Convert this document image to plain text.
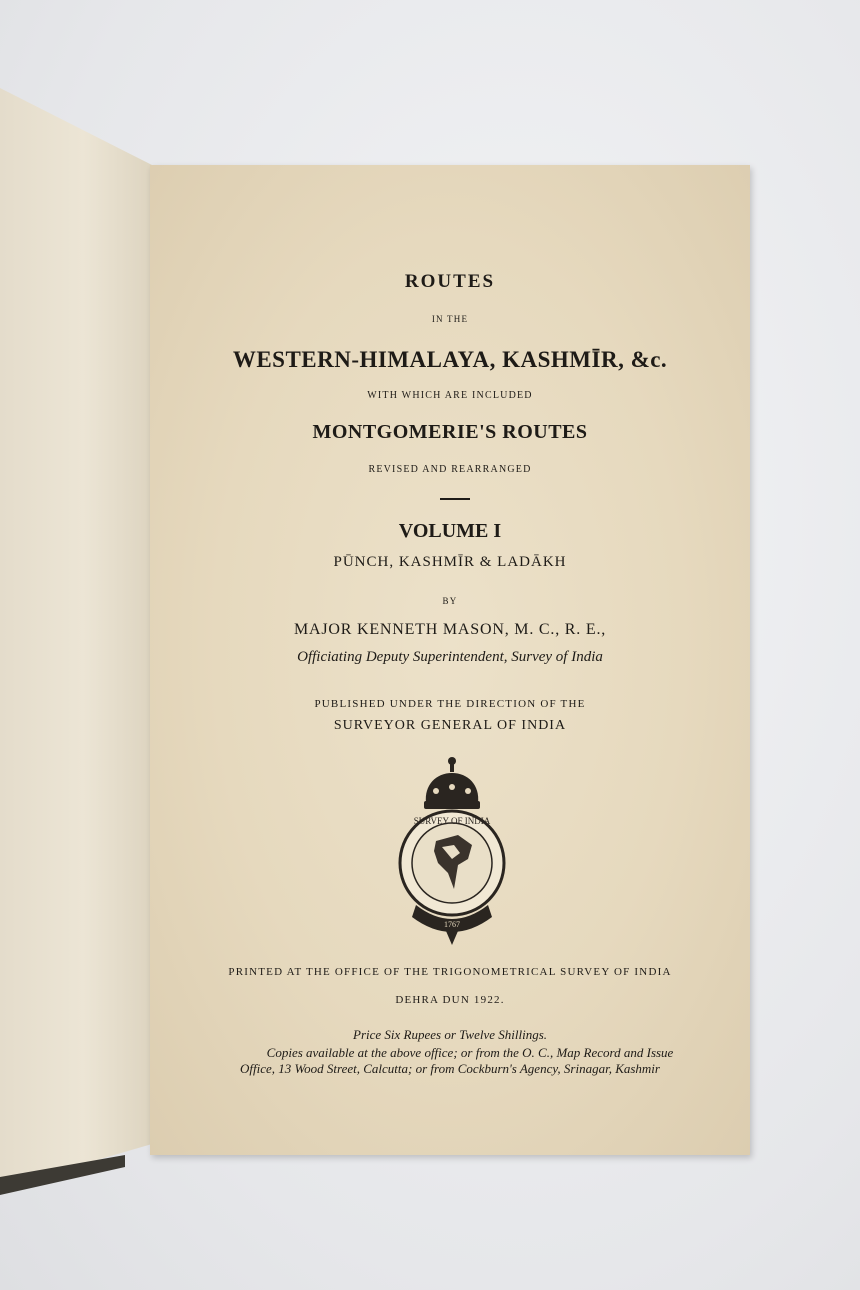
ROUTES
IN THE
WESTERN-HIMALAYA, KASHMĪR, &c.
WITH WHICH ARE INCLUDED
MONTGOMERIE'S ROUTES
REVISED AND REARRANGED
VOLUME I
PŪNCH, KASHMĪR & LADĀKH
BY
MAJOR KENNETH MASON, M. C., R. E.,
Officiating Deputy Superintendent, Survey of India
PUBLISHED UNDER THE DIRECTION OF THE
SURVEYOR GENERAL OF INDIA
SURVEY OF INDIA
1767
PRINTED AT THE OFFICE OF THE TRIGONOMETRICAL SURVEY OF INDIA
DEHRA DUN 1922.
Price Six Rupees or Twelve Shillings.
Copies available at the above office; or from the O. C., Map Record and Issue
Office, 13 Wood Street, Calcutta; or from Cockburn's Agency, Srinagar, Kashmir
